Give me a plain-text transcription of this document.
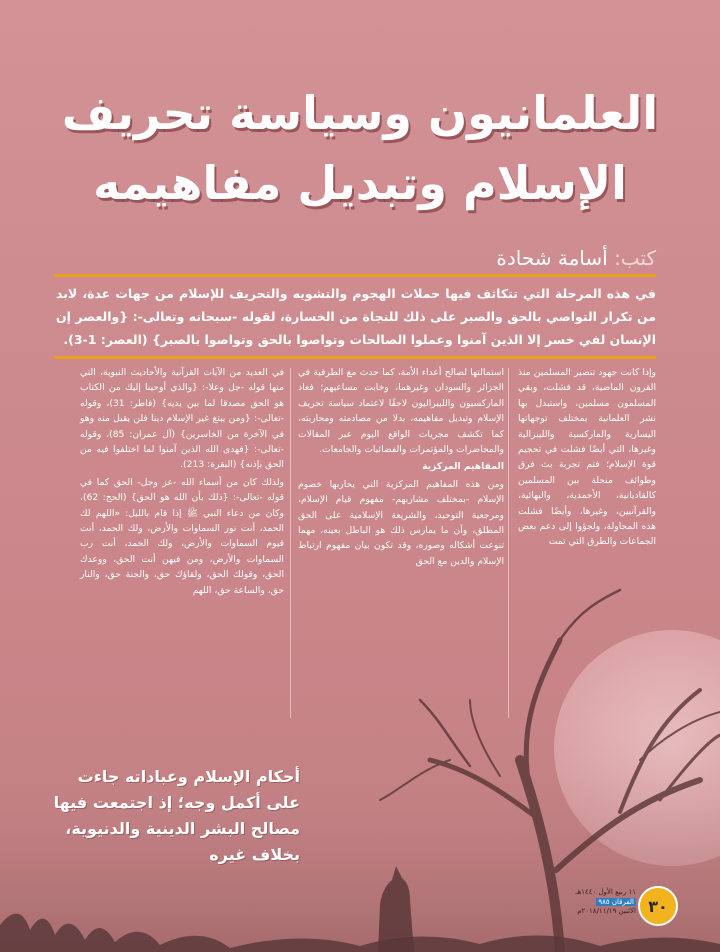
العلمانيون وسياسة تحريف
الإسلام وتبديل مفاهيمه
كتب: أسامة شحادة
في هذه المرحلة التي تتكاثف فيها حملات الهجوم والتشويه والتحريف للإسلام من جهات عدة، لابد من تكرار التواصي بالحق والصبر على ذلك للنجاة من الخسارة، لقوله -سبحانه وتعالى-: {والعصر إن الإنسان لفي خسر إلا الذين آمنوا وعملوا الصالحات وتواصوا بالحق وتواصوا بالصبر} (العصر: 1-3).

وإذا كانت جهود تنصير المسلمين منذ القرون الماضية، قد فشلت، وبقي المسلمون مسلمين، واستبدل بها نشر العلمانية بمختلف توجهاتها اليسارية والماركسية والليبرالية وغيرها، التي أيضًا فشلت في تحجيم قوة الإسلام؛ فتم تجربة بث فرق وطوائف منحلة بين المسلمين كالقاديانية، الأحمدية، والبهائية، والقرآنيين، وغيرها، وأيضًا فشلت هذه المحاولة، ولجؤوا إلى دعم بعض الجماعات والطرق التي تمت

استمالتها لصالح أعداء الأمة، كما حدث مع الطرقية في الجزائر والسودان وغيرهما، وخابت مساعيهم؛ فعاد الماركسيون والليبراليون لاحقًا لاعتماد سياسة تحريف الإسلام وتبديل مفاهيمه، بدلا من مصادمته ومحاربته، كما تكشف مجريات الواقع اليوم عبر المقالات والمحاضرات والمؤتمرات والفضائيات والجامعات.

المفاهيم المركزية

ومن هذه المفاهيم المركزية التي يحاربها خصوم الإسلام -بمختلف مشاربهم- مفهوم قيام الإسلام، ومرجعية التوحيد، والشريعة الإسلامية على الحق المطلق، وأن ما يمارس ذلك هو الباطل بعينه، مهما تنوعت أشكاله وصوره، وقد تكون بيان مفهوم ارتباط الإسلام والدين مع الحق

في العديد من الآيات القرآنية والأحاديث النبوية، التي منها قوله -جل وعلا-: {والذي أوحينا إليك من الكتاب هو الحق مصدقا لما بين يديه} (فاطر: 31)، وقوله -تعالى-: {ومن يبتغ غير الإسلام دينا فلن يقبل منه وهو في الآخرة من الخاسرين} (آل عمران: 85)، وقوله -تعالى-: {فهدى الله الذين آمنوا لما اختلفوا فيه من الحق بإذنه} (البقرة: 213).

ولذلك كان من أسماء الله -عز وجل- الحق كما في قوله -تعالى-: {ذلك بأن الله هو الحق} (الحج: 62)، وكان من دعاء النبي ﷺ إذا قام بالليل: «اللهم لك الحمد، أنت نور السماوات والأرض، ولك الحمد، أنت قيوم السماوات والأرض، ولك الحمد، أنت رب السماوات والأرض، ومن فيهن أنت الحق، ووعدك الحق، وقولك الحق، ولقاؤك حق، والجنة حق، والنار حق، والساعة حق، اللهم

أحكام الإسلام وعباداته جاءت
على أكمل وجه؛ إذ اجتمعت فيها
مصالح البشر الدينية والدنيوية،
بخلاف غيره
١١ ربيع الأول ١٤٤٠هـ
الفرقان ٩٨٥
الاثنين ٢٠١٨/١١/١٩م ٣٠
